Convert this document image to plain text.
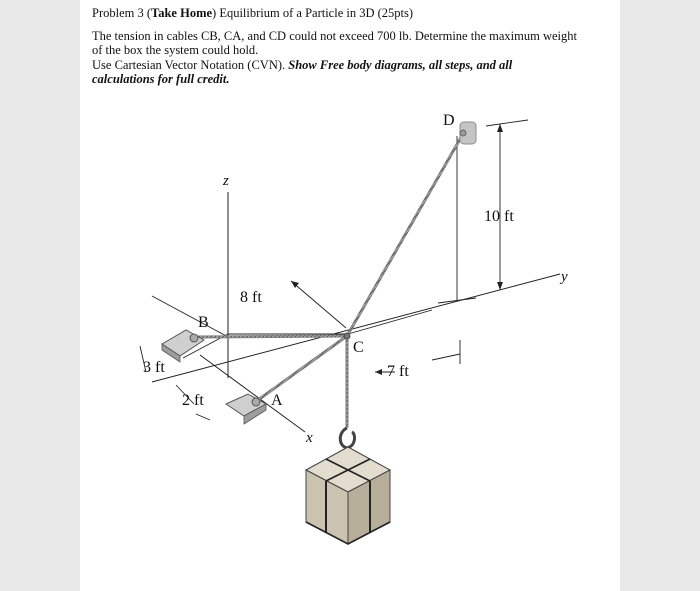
Problem 3 (Take Home) Equilibrium of a Particle in 3D (25pts)

The tension in cables CB, CA, and CD could not exceed 700 lb. Determine the maximum weight

of the box the system could hold.

Use Cartesian Vector Notation (CVN). Show Free body diagrams, all steps, and all

calculations for full credit.

D
z
10 ft
y
8 ft
B
C
3 ft	7 ft
2 ft	A
x
